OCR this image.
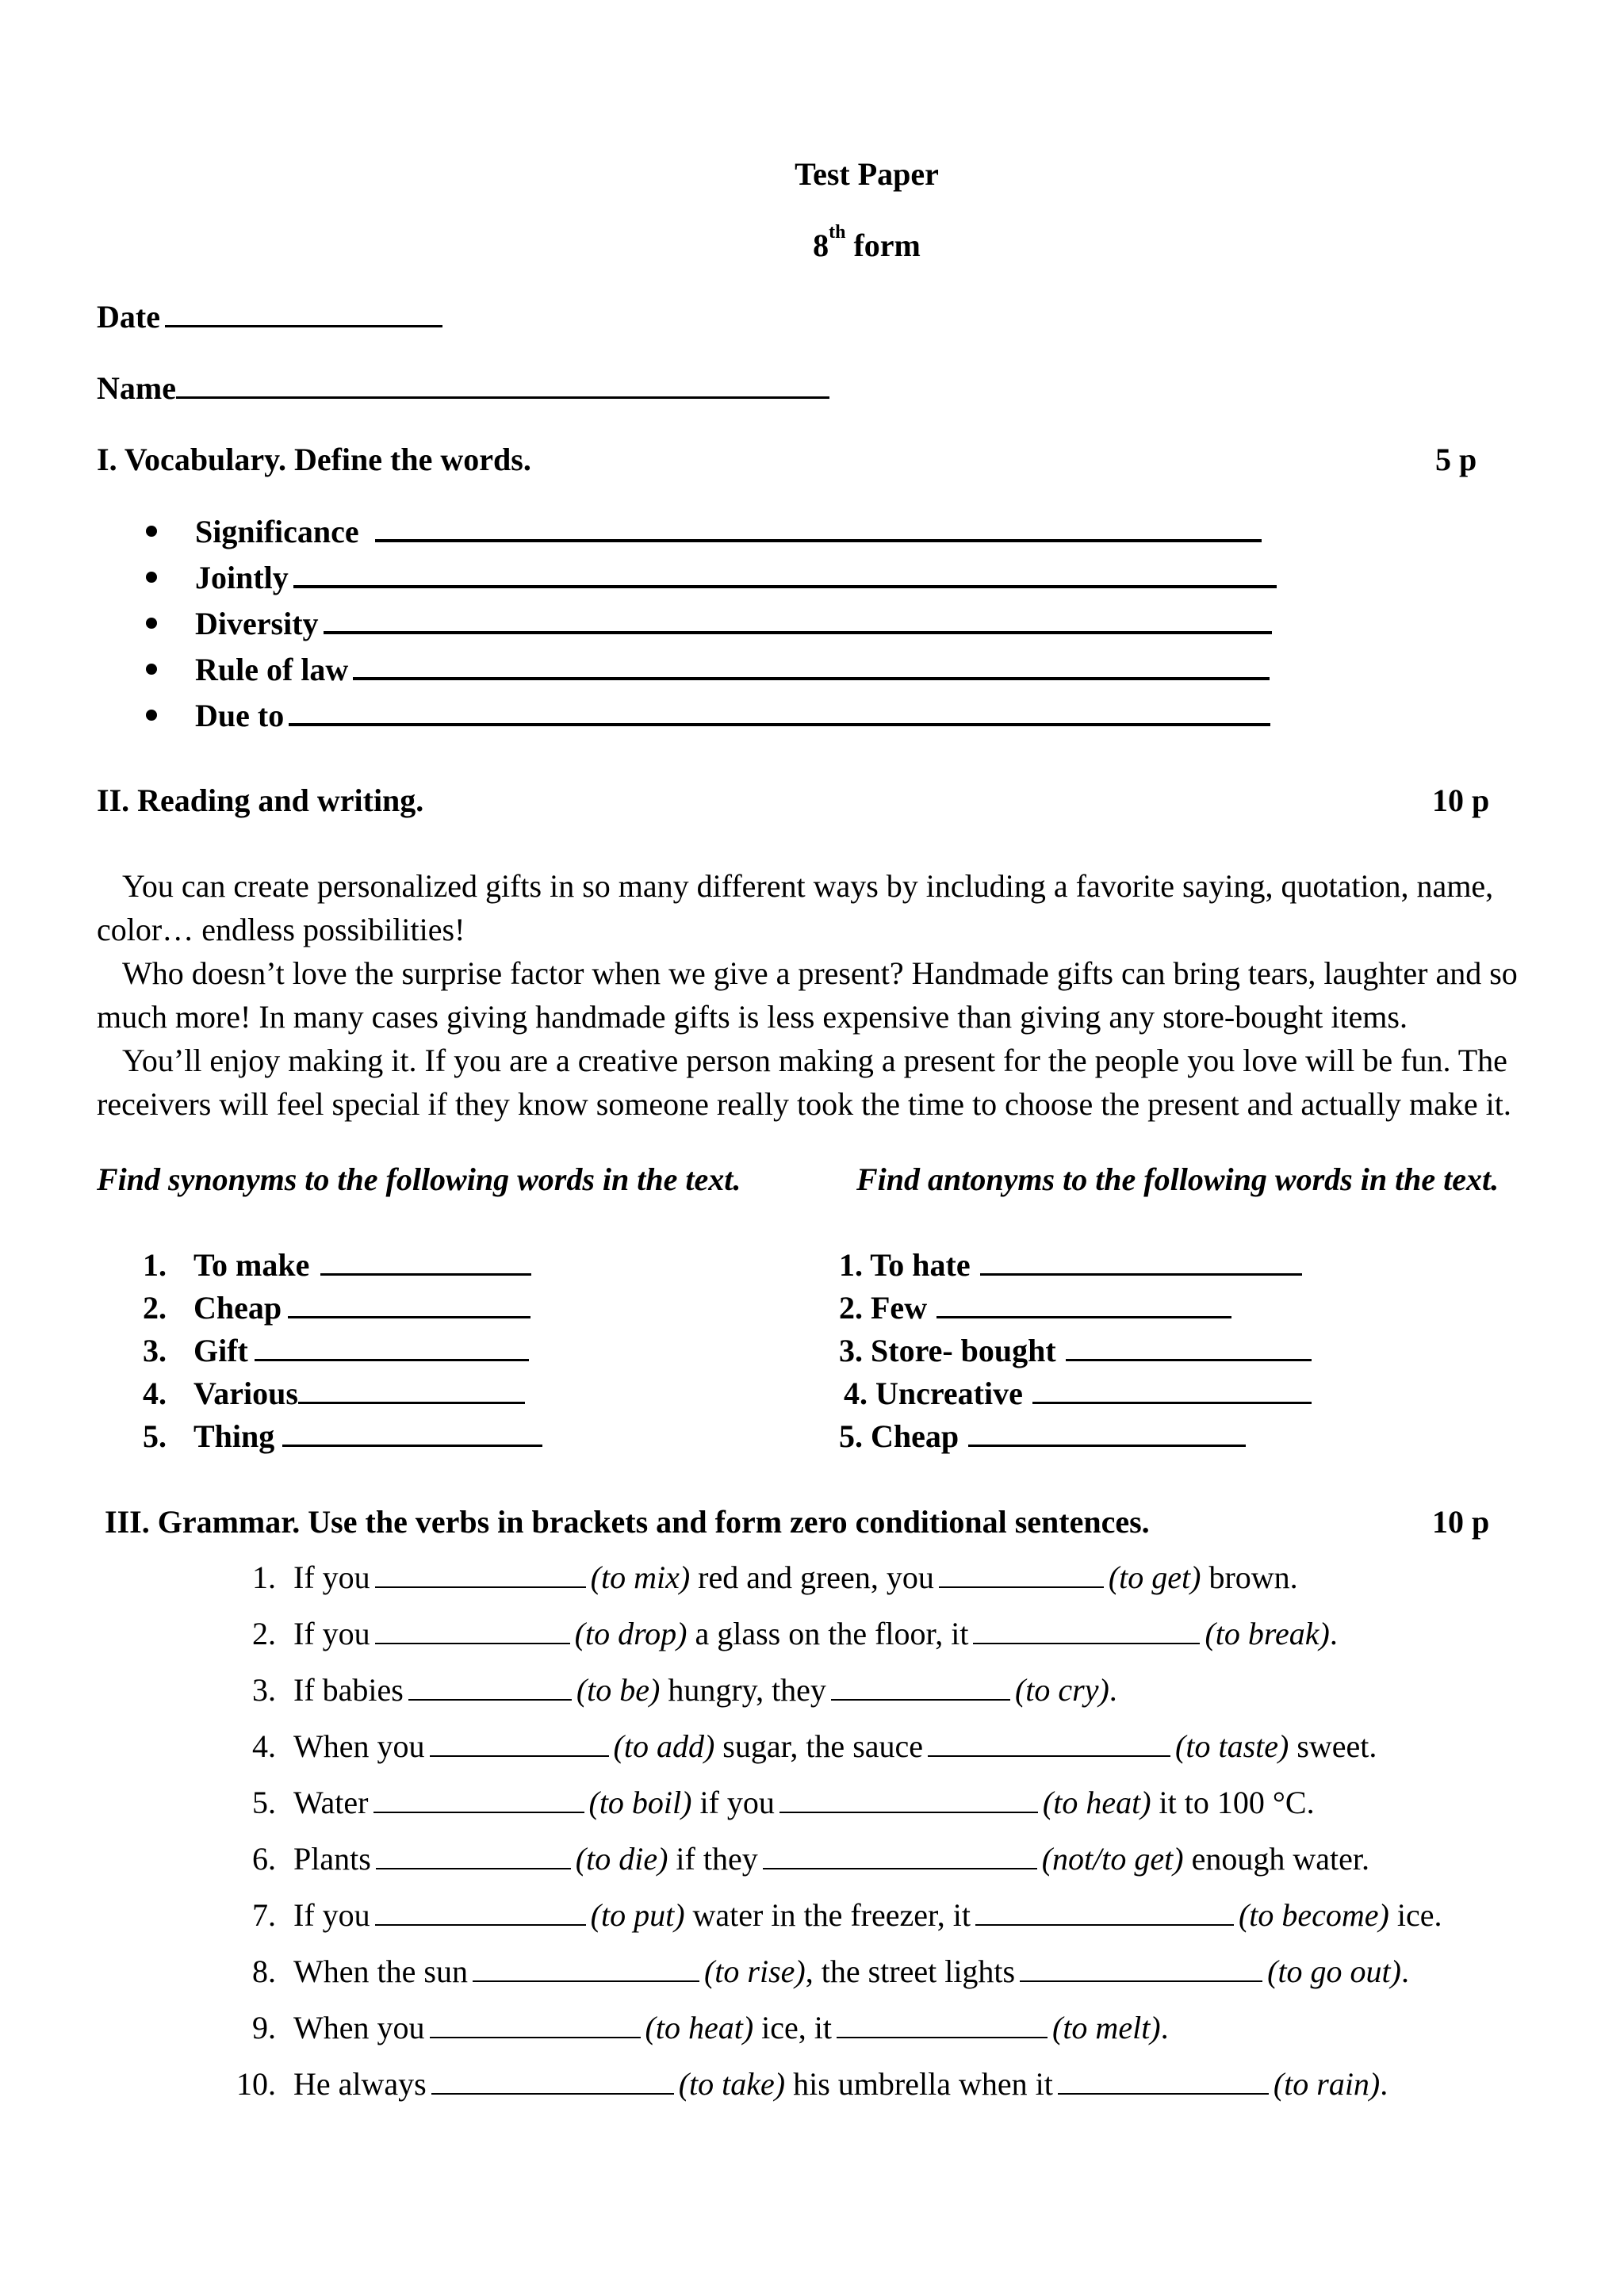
Test Paper
8th form
Date
Name
I. Vocabulary. Define the words.	5 p
Significance
Jointly
Diversity
Rule of law
Due to
II. Reading and writing.	10 p

You can create personalized gifts in so many different ways by including a favorite saying, quotation, name, color… endless possibilities!

Who doesn’t love the surprise factor when we give a present? Handmade gifts can bring tears, laughter and so much more! In many cases giving handmade gifts is less expensive than giving any store-bought items.

You’ll enjoy making it. If you are a creative person making a present for the people you love will be fun. The receivers will feel special if they know someone really took the time to choose the present and actually make it.

Find synonyms to the following words in the text.	Find antonyms to the following words in the text.
1. To make
2. Cheap
3. Gift
4. Various
5. Thing
1. To hate
2. Few
3. Store- bought
4. Uncreative
5. Cheap
III. Grammar. Use the verbs in brackets and form zero conditional sentences.	10 p
1. If you	(to mix) red and green, you	(to get) brown.
2. If you	(to drop) a glass on the floor, it	(to break).
3. If babies	(to be) hungry, they	(to cry).
4. When you	(to add) sugar, the sauce	(to taste) sweet.
5. Water	(to boil) if you	(to heat) it to 100 °C.
6. Plants	(to die) if they	(not/to get) enough water.
7. If you	(to put) water in the freezer, it	(to become) ice.
8. When the sun	(to rise), the street lights	(to go out).
9. When you	(to heat) ice, it	(to melt).
10. He always	(to take) his umbrella when it	(to rain).
